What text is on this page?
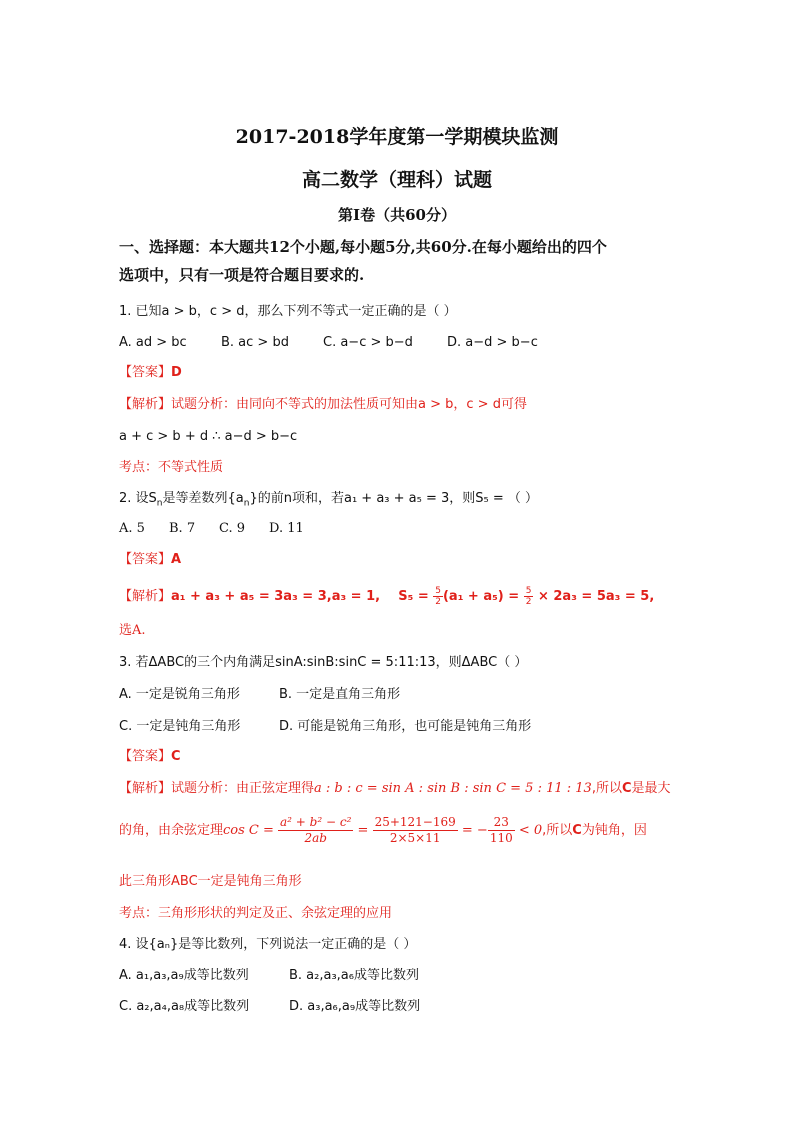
2017-2018学年度第一学期模块监测
高二数学（理科）试题
第Ⅰ卷（共60分）
一、选择题：本大题共12个小题,每小题5分,共60分.在每小题给出的四个
选项中，只有一项是符合题目要求的.
1. 已知a > b，c > d，那么下列不等式一定正确的是（ ）
A. ad > bc	B. ac > bd	C. a−c > b−d	D. a−d > b−c
【答案】D
【解析】试题分析：由同向不等式的加法性质可知由a > b，c > d可得
a + c > b + d ∴ a−d > b−c
考点：不等式性质
2. 设$S_n$是等差数列$\{a_n\}$的前n项和，若a₁ + a₃ + a₅ = 3，则S₅ = （ ）
A. 5 B. 7 C. 9 D. 11
【答案】A
【解析】a₁ + a₃ + a₅ = 3a₃ = 3,a₃ = 1, $S_5 = \frac{5}{2} (a_1 + a_5) = \frac{5}{2} \times 2a_3 = 5a_3 = 5$,
选A.
3. 若ΔABC的三个内角满足sinA:sinB:sinC = 5:11:13，则ΔABC（ ）
A. 一定是锐角三角形	B. 一定是直角三角形
C. 一定是钝角三角形	D. 可能是锐角三角形，也可能是钝角三角形
【答案】C
【解析】试题分析：由正弦定理得a : b : c = sin A : sin B : sin C = 5 : 11 : 13,所以C是最大
的角，由余弦定理$\cos C = \frac{\text{a² + b² − c²}}{2ab} = \frac{25+121-169}{2\times 5\times 11}$ = − $\frac{23}{110} < 0$,所以C为钝角，因
此三角形ABC一定是钝角三角形
考点：三角形形状的判定及正、余弦定理的应用
4. 设{aₙ}是等比数列，下列说法一定正确的是（ ）
A. a₁,a₃,a₉成等比数列	B. a₂,a₃,a₆成等比数列
C. a₂,a₄,a₈成等比数列	D. a₃,a₆,a₉成等比数列
